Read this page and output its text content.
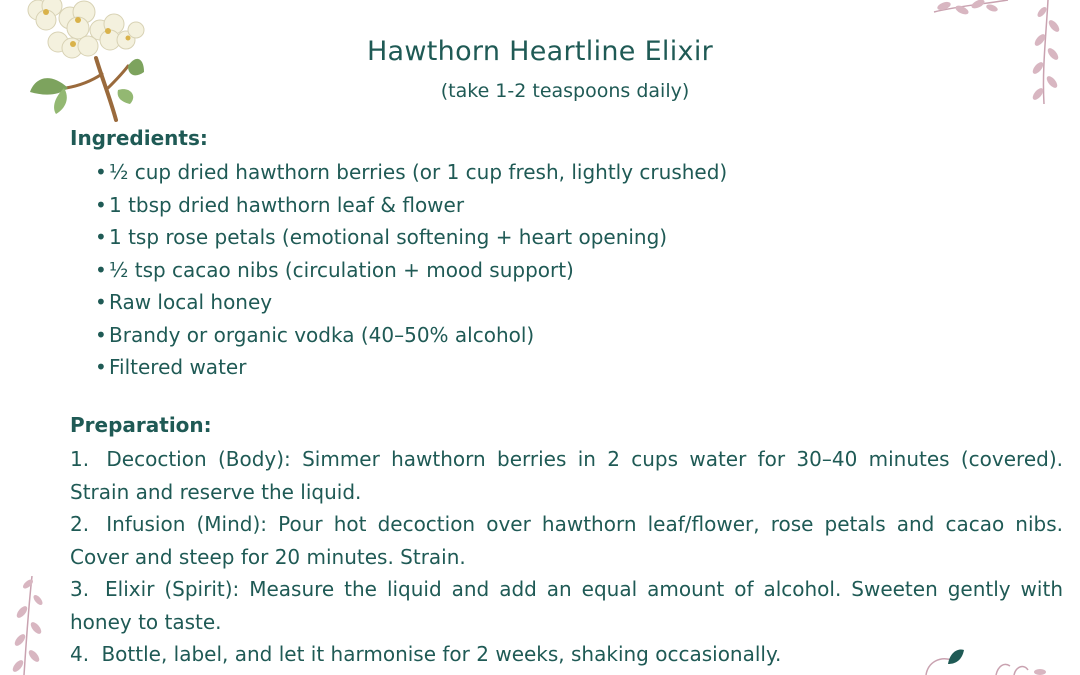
Hawthorn Heartline Elixir
(take 1-2 teaspoons daily)
Ingredients:
• ½ cup dried hawthorn berries (or 1 cup fresh, lightly crushed)
• 1 tbsp dried hawthorn leaf & flower
• 1 tsp rose petals (emotional softening + heart opening)
• ½ tsp cacao nibs (circulation + mood support)
• Raw local honey
• Brandy or organic vodka (40–50% alcohol)
• Filtered water
Preparation:
1. Decoction (Body): Simmer hawthorn berries in 2 cups water for 30–40 minutes (covered). Strain and reserve the liquid.
2. Infusion (Mind): Pour hot decoction over hawthorn leaf/flower, rose petals and cacao nibs. Cover and steep for 20 minutes. Strain.
3. Elixir (Spirit): Measure the liquid and add an equal amount of alcohol. Sweeten gently with honey to taste.
4. Bottle, label, and let it harmonise for 2 weeks, shaking occasionally.
